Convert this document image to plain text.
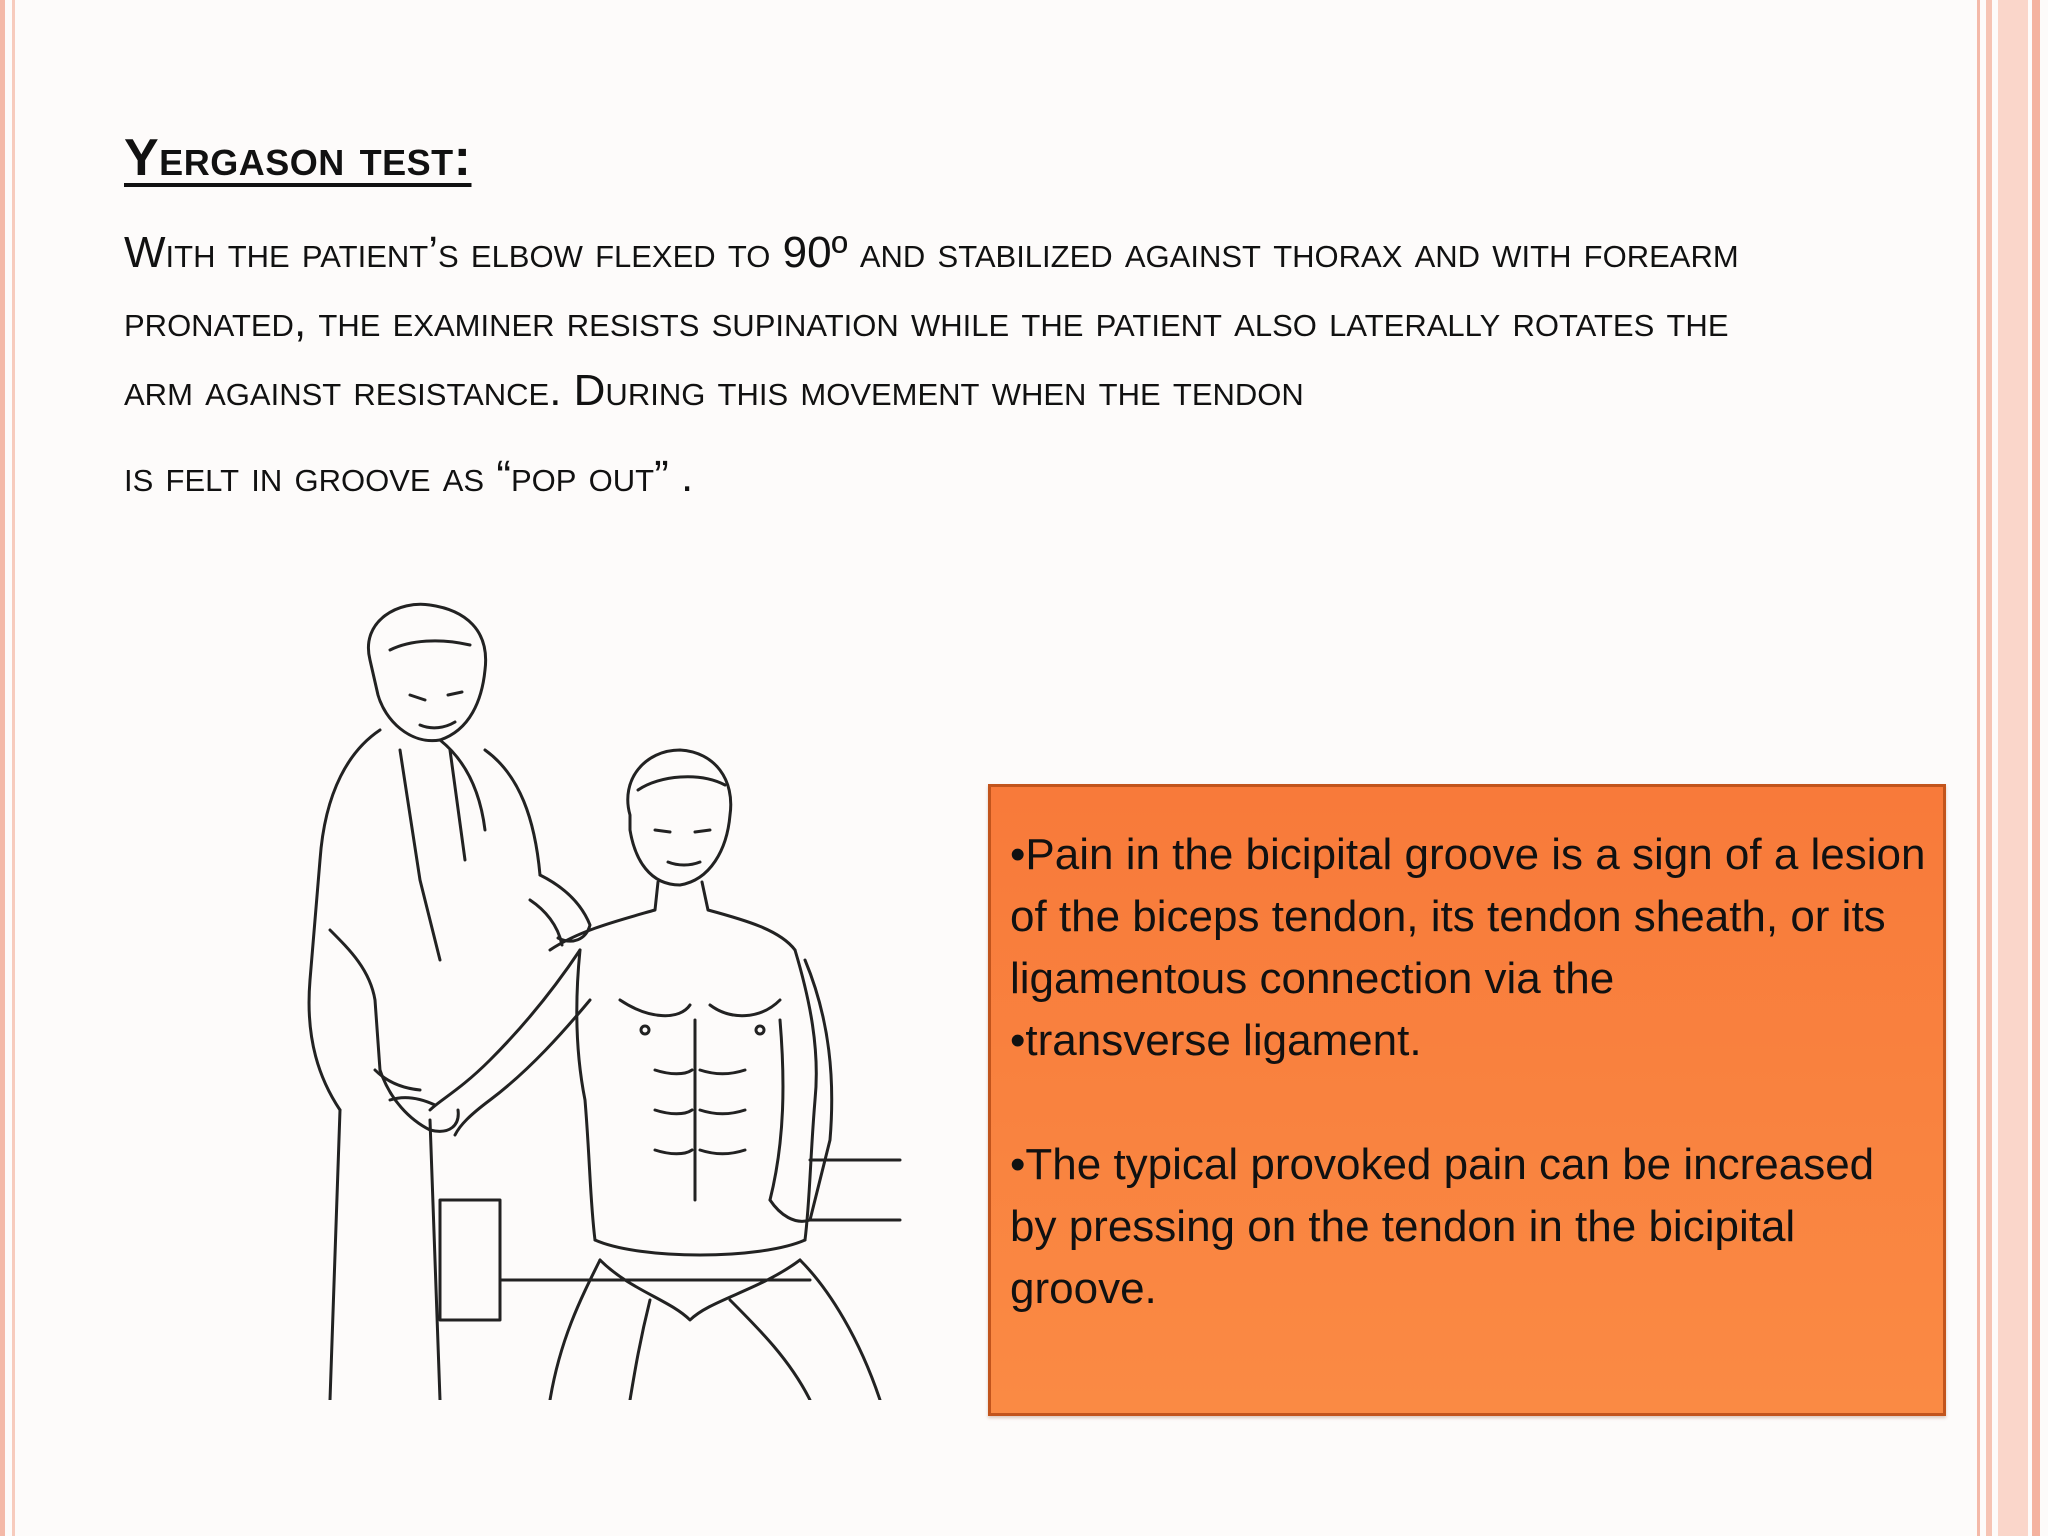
Yergason test:
With the patient’s elbow flexed to 90º and stabilized against thorax and with forearm pronated, the examiner resists supination while the patient also laterally rotates the arm against resistance. During this movement when the tendon
is felt in groove as “pop out” .

•Pain in the bicipital groove is a sign of a lesion of the biceps tendon, its tendon sheath, or its ligamentous connection via the

•transverse ligament.

•The typical provoked pain can be increased by pressing on the tendon in the bicipital groove.
